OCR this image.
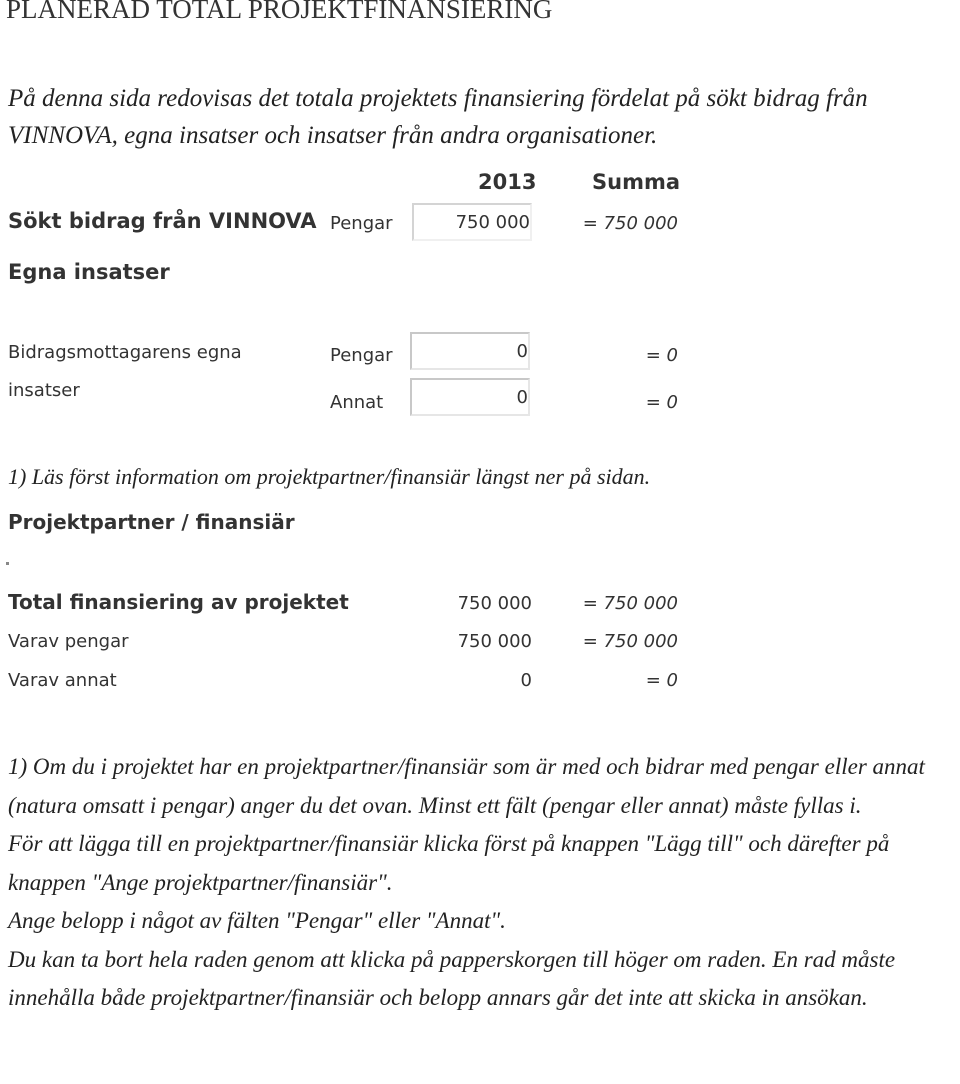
PLANERAD TOTAL PROJEKTFINANSIERING
På denna sida redovisas det totala projektets finansiering fördelat på sökt bidrag från VINNOVA, egna insatser och insatser från andra organisationer.
2013	Summa
Sökt bidrag från VINNOVA Pengar	750 000	= 750 000
Egna insatser
Bidragsmottagarens egna
insatser
Pengar	0	= 0
Annat	0	= 0
1) Läs först information om projektpartner/finansiär längst ner på sidan.
Projektpartner / finansiär
Total finansiering av projektet	750 000	= 750 000
Varav pengar	750 000	= 750 000
Varav annat	0	= 0

1) Om du i projektet har en projektpartner/finansiär som är med och bidrar med pengar eller annat (natura omsatt i pengar) anger du det ovan. Minst ett fält (pengar eller annat) måste fyllas i.

För att lägga till en projektpartner/finansiär klicka först på knappen "Lägg till" och därefter på knappen "Ange projektpartner/finansiär".

Ange belopp i något av fälten "Pengar" eller "Annat".

Du kan ta bort hela raden genom att klicka på papperskorgen till höger om raden. En rad måste innehålla både projektpartner/finansiär och belopp annars går det inte att skicka in ansökan.
